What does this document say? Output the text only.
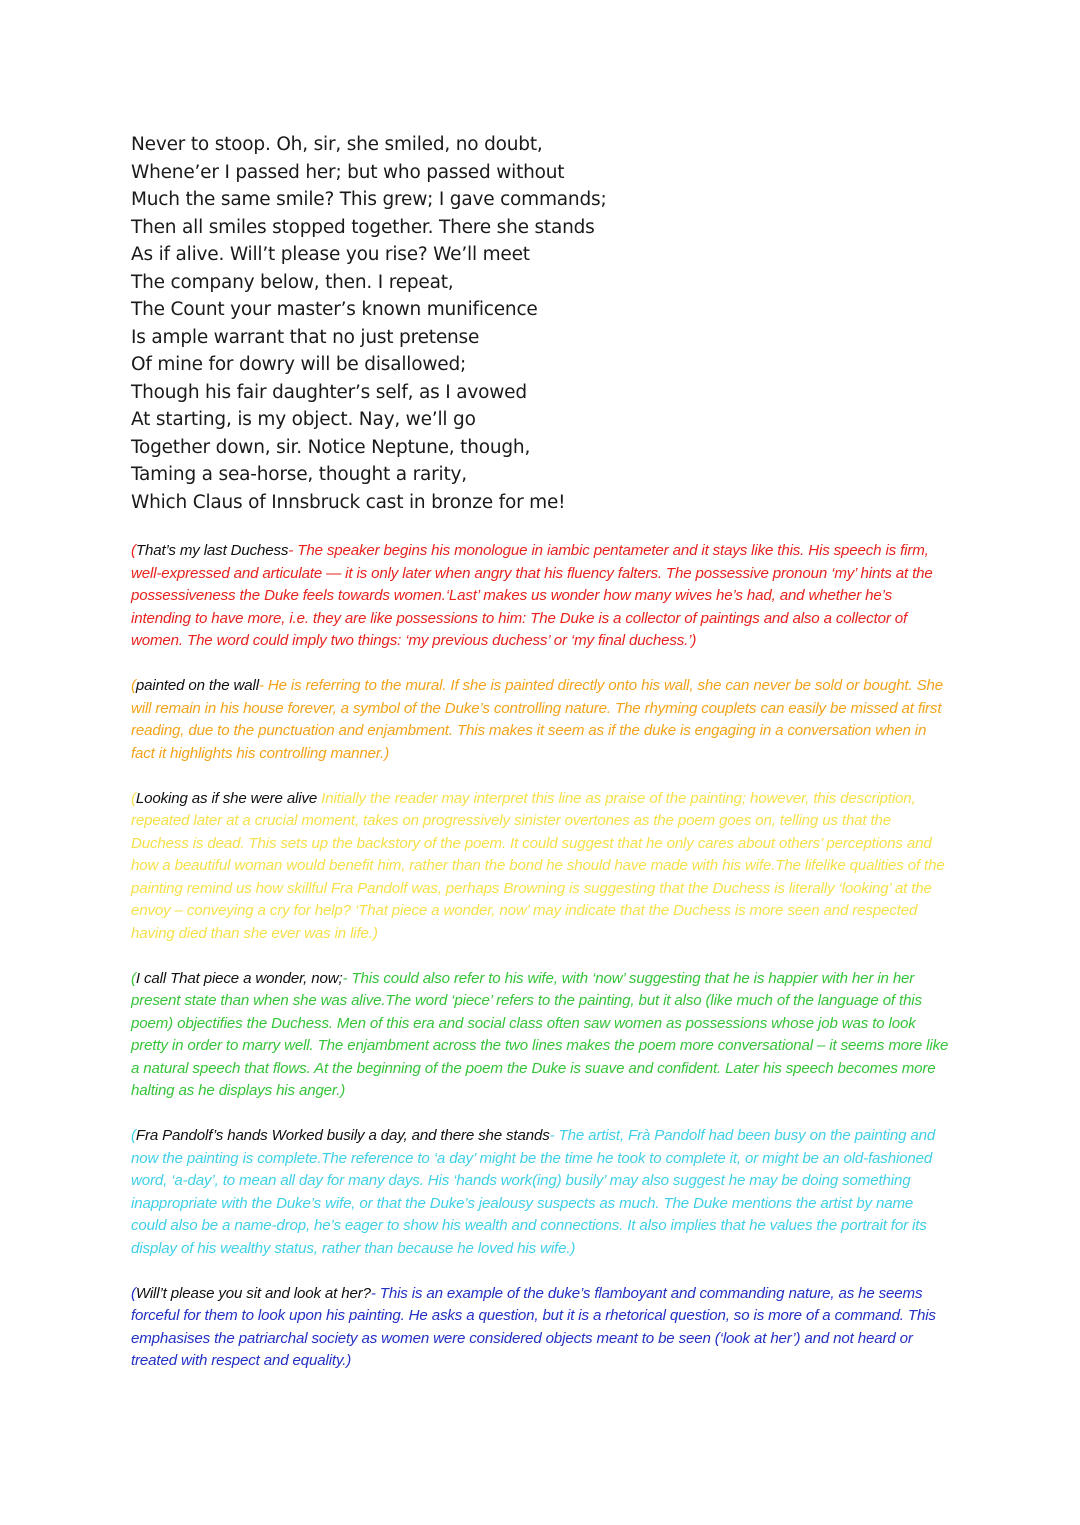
Never to stoop. Oh, sir, she smiled, no doubt,
Whene’er I passed her; but who passed without
Much the same smile? This grew; I gave commands;
Then all smiles stopped together. There she stands
As if alive. Will’t please you rise? We’ll meet
The company below, then. I repeat,
The Count your master’s known munificence
Is ample warrant that no just pretense
Of mine for dowry will be disallowed;
Though his fair daughter’s self, as I avowed
At starting, is my object. Nay, we’ll go
Together down, sir. Notice Neptune, though,
Taming a sea-horse, thought a rarity,
Which Claus of Innsbruck cast in bronze for me!

(That’s my last Duchess- The speaker begins his monologue in iambic pentameter and it stays like this. His speech is firm, well-expressed and articulate — it is only later when angry that his fluency falters. The possessive pronoun ‘my’ hints at the possessiveness the Duke feels towards women.‘Last’ makes us wonder how many wives he’s had, and whether he’s intending to have more, i.e. they are like possessions to him: The Duke is a collector of paintings and also a collector of women. The word could imply two things: ‘my previous duchess’ or ‘my final duchess.’)

(painted on the wall- He is referring to the mural. If she is painted directly onto his wall, she can never be sold or bought. She will remain in his house forever, a symbol of the Duke’s controlling nature. The rhyming couplets can easily be missed at first reading, due to the punctuation and enjambment. This makes it seem as if the duke is engaging in a conversation when in fact it highlights his controlling manner.)

(Looking as if she were alive Initially the reader may interpret this line as praise of the painting; however, this description, repeated later at a crucial moment, takes on progressively sinister overtones as the poem goes on, telling us that the Duchess is dead. This sets up the backstory of the poem. It could suggest that he only cares about others’ perceptions and how a beautiful woman would benefit him, rather than the bond he should have made with his wife.The lifelike qualities of the painting remind us how skillful Fra Pandolf was, perhaps Browning is suggesting that the Duchess is literally ‘looking’ at the envoy – conveying a cry for help? ‘That piece a wonder, now’ may indicate that the Duchess is more seen and respected having died than she ever was in life.)

(I call That piece a wonder, now;- This could also refer to his wife, with ‘now’ suggesting that he is happier with her in her present state than when she was alive.The word ‘piece’ refers to the painting, but it also (like much of the language of this poem) objectifies the Duchess. Men of this era and social class often saw women as possessions whose job was to look pretty in order to marry well. The enjambment across the two lines makes the poem more conversational – it seems more like a natural speech that flows. At the beginning of the poem the Duke is suave and confident. Later his speech becomes more halting as he displays his anger.)

(Fra Pandolf’s hands Worked busily a day, and there she stands- The artist, Frà Pandolf had been busy on the painting and now the painting is complete.The reference to ‘a day’ might be the time he took to complete it, or might be an old-fashioned word, ‘a-day’, to mean all day for many days. His ‘hands work(ing) busily’ may also suggest he may be doing something inappropriate with the Duke’s wife, or that the Duke’s jealousy suspects as much. The Duke mentions the artist by name could also be a name-drop, he’s eager to show his wealth and connections. It also implies that he values the portrait for its display of his wealthy status, rather than because he loved his wife.)

(Will’t please you sit and look at her?- This is an example of the duke’s flamboyant and commanding nature, as he seems forceful for them to look upon his painting. He asks a question, but it is a rhetorical question, so is more of a command. This emphasises the patriarchal society as women were considered objects meant to be seen (‘look at her’) and not heard or treated with respect and equality.)
